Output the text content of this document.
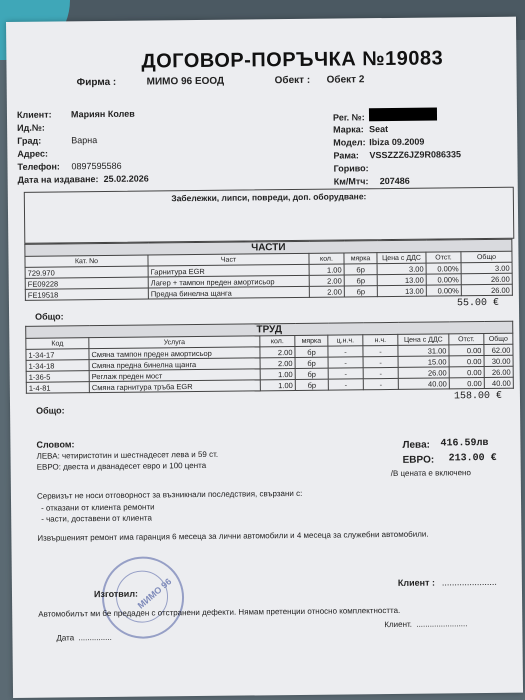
ДОГОВОР-ПОРЪЧКА №19083
Фирма :	МИМО 96 ЕООД	Обект : Обект 2
Клиент: Мариян Колев
Ид.№:
Град:	Варна
Адрес:
Телефон: 0897595586
Дата на издаване: 25.02.2026
Рег. №:
Марка: Seat
Модел: Ibiza 09.2009
Рама: VSSZZZ6JZ9R086335
Гориво:
Км/Мтч: 207486
Забележки, липси, повреди, доп. оборудване:
ЧАСТИ						
Кат. No	Част	кол.	мярка	Цена с ДДС	Отст.	Общо
729.970	Гарнитура EGR	1.00	бр	3.00	0.00%	3.00
FE09228	Лагер + тампон преден амортисьор	2.00	бр	13.00	0.00%	26.00
FE19518	Предна бинелна щанга	2.00	бр	13.00	0.00%	26.00
Общо:
55.00 €
ТРУД								
Код	Услуга	кол.	мярка	ц.н.ч.	н.ч.	Цена с ДДС	Отст.	Общо
1-34-17	Смяна тампон преден амортисьор	2.00	бр	-	-	31.00	0.00	62.00
1-34-18	Смяна предна бинелна щанга	2.00	бр	-	-	15.00	0.00	30.00
1-36-5	Реглаж преден мост	1.00	бр	-	-	26.00	0.00	26.00
1-4-81	Смяна гарнитура тръба EGR	1.00	бр	-	-	40.00	0.00	40.00
Общо:
158.00 €
Словом:
ЛЕВА: четиристотин и шестнадесет лева и 59 ст.
ЕВРО: двеста и дванадесет евро и 100 цента
Лева: 416.59лв
ЕВРО: 213.00 €
/В цената е включено
Сервизът не носи отговорност за възникнали последствия, свързани с:
- отказани от клиента ремонти
- части, доставени от клиента
Извършеният ремонт има гаранция 6 месеца за лични автомобили и 4 месеца за служебни автомобили.
МИМО 96
Изготвил:
Клиент : ......................
Автомобилът ми бе предаден с отстранени дефекти. Нямам претенции относно комплектността.
Дата ...............
Клиент. .......................
